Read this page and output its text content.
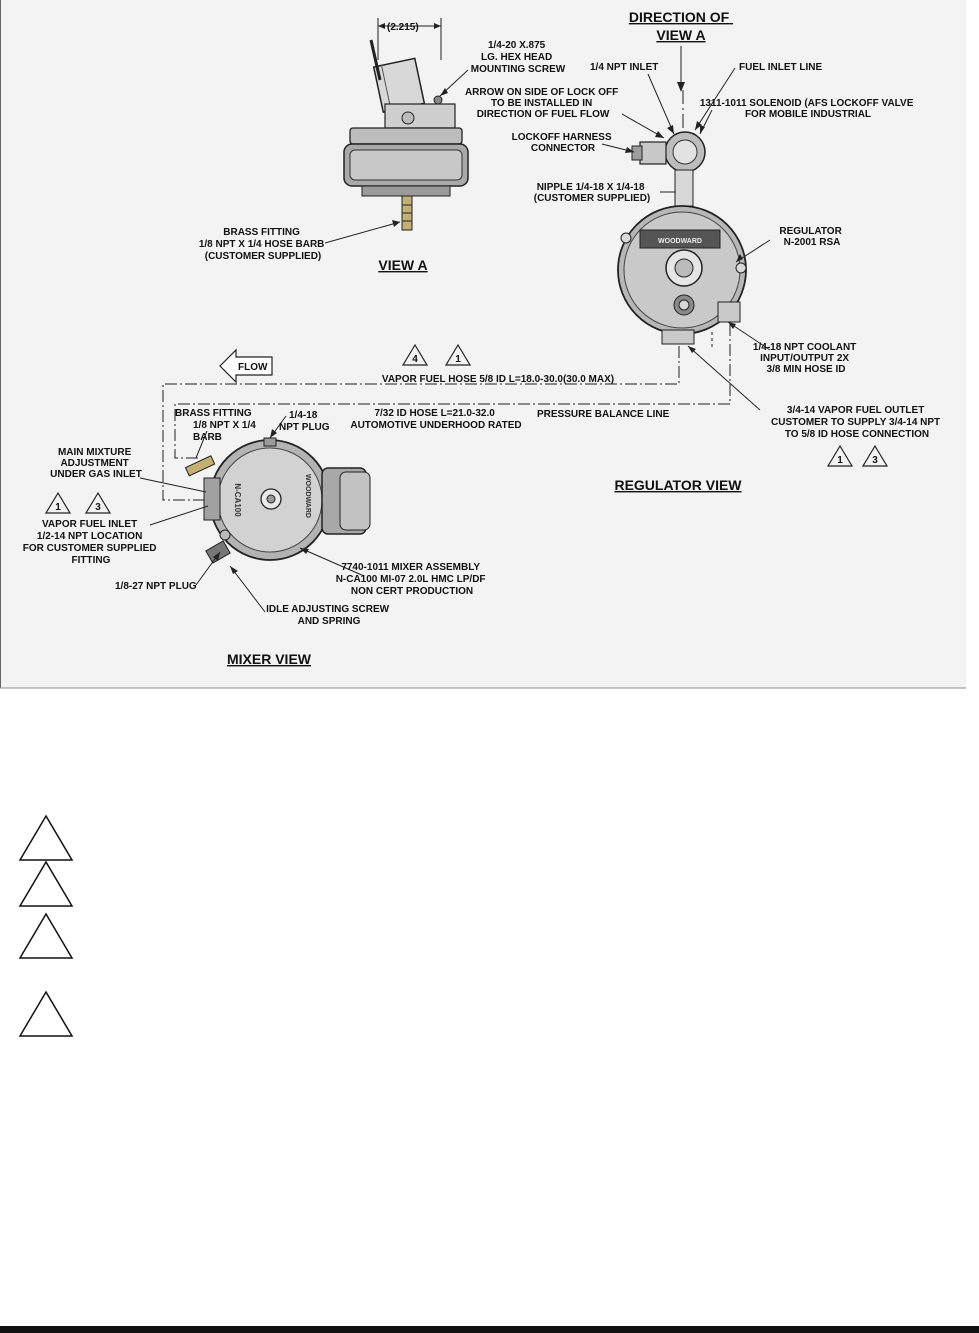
(2.215)
1/4-20 X.875 LG. HEX HEAD MOUNTING SCREW
BRASS FITTING 1/8 NPT X 1/4 HOSE BARB (CUSTOMER SUPPLIED)
VIEW A
DIRECTION OF VIEW A
WOODWARD
1/4 NPT INLET	FUEL INLET LINE
ARROW ON SIDE OF LOCK OFF TO BE INSTALLED IN DIRECTION OF FUEL FLOW
1311-1011 SOLENOID (AFS LOCKOFF VALVE FOR MOBILE INDUSTRIAL
LOCKOFF HARNESS CONNECTOR
NIPPLE 1/4-18 X 1/4-18 (CUSTOMER SUPPLIED)
REGULATOR N-2001 RSA
1/4-18 NPT COOLANT INPUT/OUTPUT 2X 3/8 MIN HOSE ID
3/4-14 VAPOR FUEL OUTLET CUSTOMER TO SUPPLY 3/4-14 NPT TO 5/8 ID HOSE CONNECTION
1	3
REGULATOR VIEW
FLOW
4	1
VAPOR FUEL HOSE 5/8 ID L=18.0-30.0(30.0 MAX)
7/32 ID HOSE L=21.0-32.0 AUTOMOTIVE UNDERHOOD RATED
PRESSURE BALANCE LINE
N-CA100	WOODWARD
BRASS FITTING 1/8 NPT X 1/4 BARB
1/4-18 NPT PLUG
MAIN MIXTURE ADJUSTMENT UNDER GAS INLET
1	3
VAPOR FUEL INLET 1/2-14 NPT LOCATION FOR CUSTOMER SUPPLIED FITTING
1/8-27 NPT PLUG
7740-1011 MIXER ASSEMBLY N-CA100 MI-07 2.0L HMC LP/DF NON CERT PRODUCTION
IDLE ADJUSTING SCREW AND SPRING
MIXER VIEW
